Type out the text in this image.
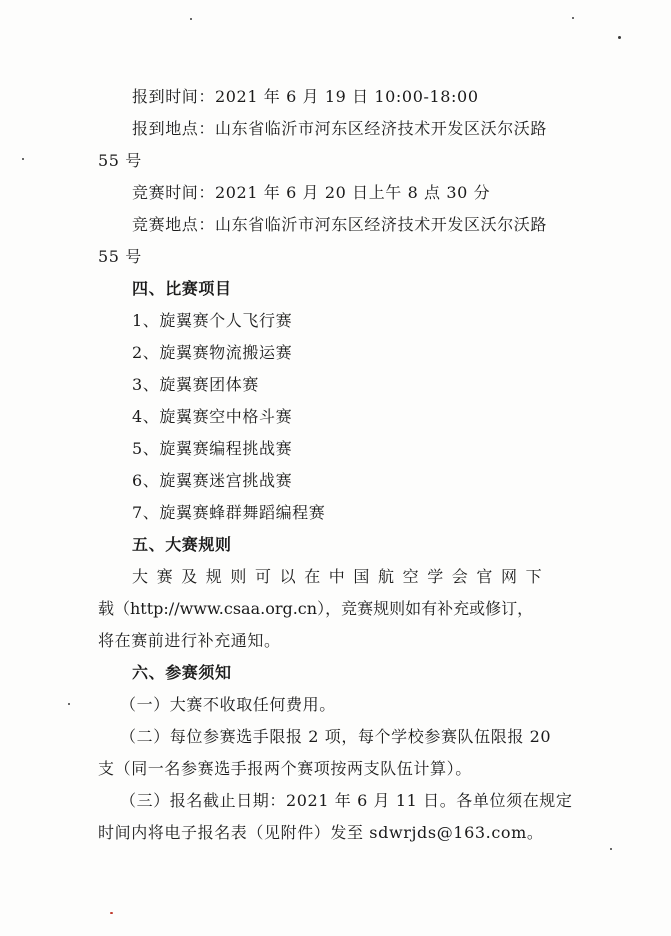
报到时间：2021 年 6 月 19 日 10:00-18:00
报到地点：山东省临沂市河东区经济技术开发区沃尔沃路
55 号
竞赛时间：2021 年 6 月 20 日上午 8 点 30 分
竞赛地点：山东省临沂市河东区经济技术开发区沃尔沃路
55 号
四、比赛项目
1、旋翼赛个人飞行赛
2、旋翼赛物流搬运赛
3、旋翼赛团体赛
4、旋翼赛空中格斗赛
5、旋翼赛编程挑战赛
6、旋翼赛迷宫挑战赛
7、旋翼赛蜂群舞蹈编程赛
五、大赛规则
大赛及规则可以在中国航空学会官网下
载（http://www.csaa.org.cn），竞赛规则如有补充或修订，
将在赛前进行补充通知。
六、参赛须知
（一）大赛不收取任何费用。
（二）每位参赛选手限报 2 项，每个学校参赛队伍限报 20
支（同一名参赛选手报两个赛项按两支队伍计算）。
（三）报名截止日期：2021 年 6 月 11 日。各单位须在规定
时间内将电子报名表（见附件）发至 sdwrjds@163.com。
